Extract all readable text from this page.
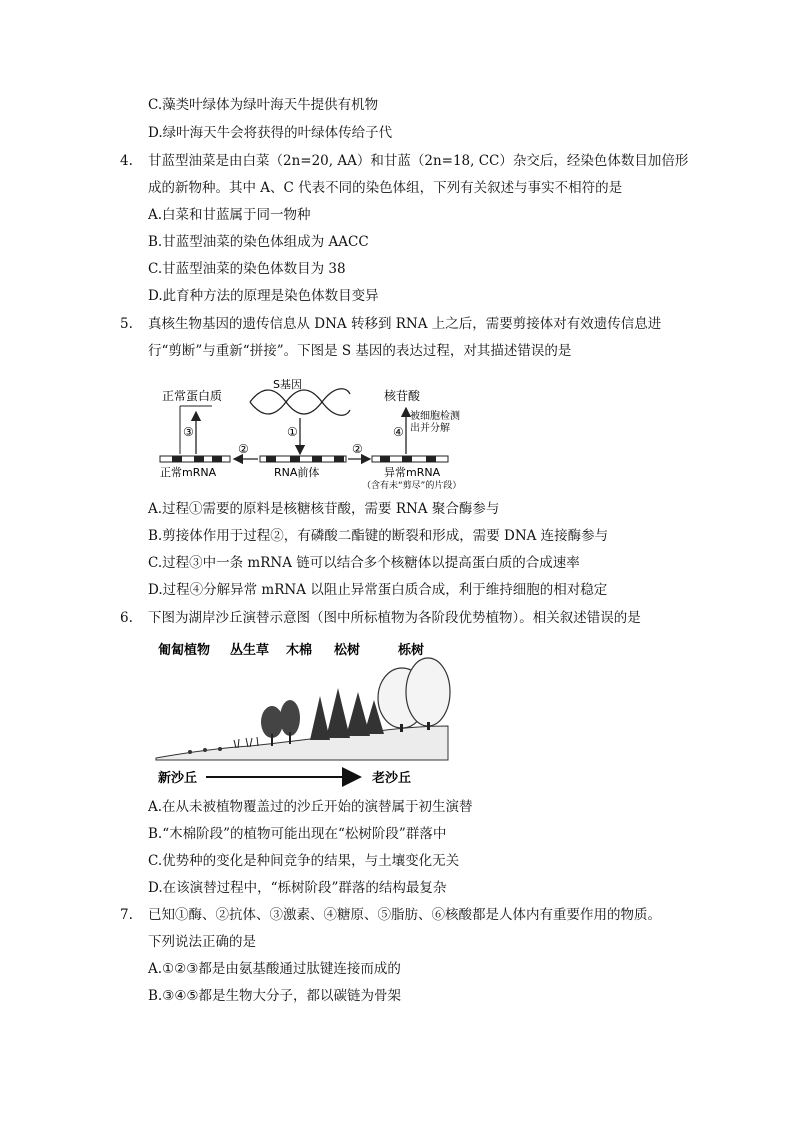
C.藻类叶绿体为绿叶海天牛提供有机物
D.绿叶海天牛会将获得的叶绿体传给子代
4. 甘蓝型油菜是由白菜（2n=20, AA）和甘蓝（2n=18, CC）杂交后，经染色体数目加倍形
成的新物种。其中 A、C 代表不同的染色体组，下列有关叙述与事实不相符的是
A.白菜和甘蓝属于同一物种
B.甘蓝型油菜的染色体组成为 AACC
C.甘蓝型油菜的染色体数目为 38
D.此育种方法的原理是染色体数目变异
5. 真核生物基因的遗传信息从 DNA 转移到 RNA 上之后，需要剪接体对有效遗传信息进
行“剪断”与重新“拼接”。下图是 S 基因的表达过程，对其描述错误的是
正常蛋白质
S基因
核苷酸
被细胞检测
出并分解
③	①	④
②	②
正常mRNA	RNA前体	异常mRNA
（含有未“剪尽”的片段）
A.过程①需要的原料是核糖核苷酸，需要 RNA 聚合酶参与
B.剪接体作用于过程②，有磷酸二酯键的断裂和形成，需要 DNA 连接酶参与
C.过程③中一条 mRNA 链可以结合多个核糖体以提高蛋白质的合成速率
D.过程④分解异常 mRNA 以阻止异常蛋白质合成，利于维持细胞的相对稳定
6. 下图为湖岸沙丘演替示意图（图中所标植物为各阶段优势植物）。相关叙述错误的是
匍匐植物 丛生草 木棉 松树	栎树
新沙丘	老沙丘
A.在从未被植物覆盖过的沙丘开始的演替属于初生演替
B.“木棉阶段”的植物可能出现在“松树阶段”群落中
C.优势种的变化是种间竞争的结果，与土壤变化无关
D.在该演替过程中，“栎树阶段”群落的结构最复杂
7. 已知①酶、②抗体、③激素、④糖原、⑤脂肪、⑥核酸都是人体内有重要作用的物质。
下列说法正确的是
A.①②③都是由氨基酸通过肽键连接而成的
B.③④⑤都是生物大分子，都以碳链为骨架
